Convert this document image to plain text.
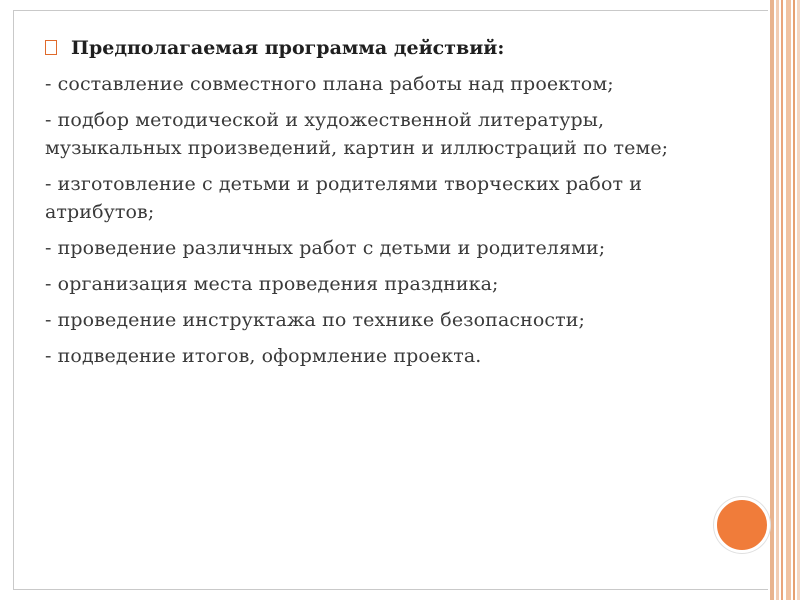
Предполагаемая программа действий:
- составление совместного плана работы над проектом;
- подбор методической и художественной литературы, музыкальных произведений, картин и иллюстраций по теме;
- изготовление с детьми и родителями творческих работ и атрибутов;
- проведение различных работ с детьми и родителями;
- организация места проведения праздника;
- проведение инструктажа по технике безопасности;
- подведение итогов, оформление проекта.
